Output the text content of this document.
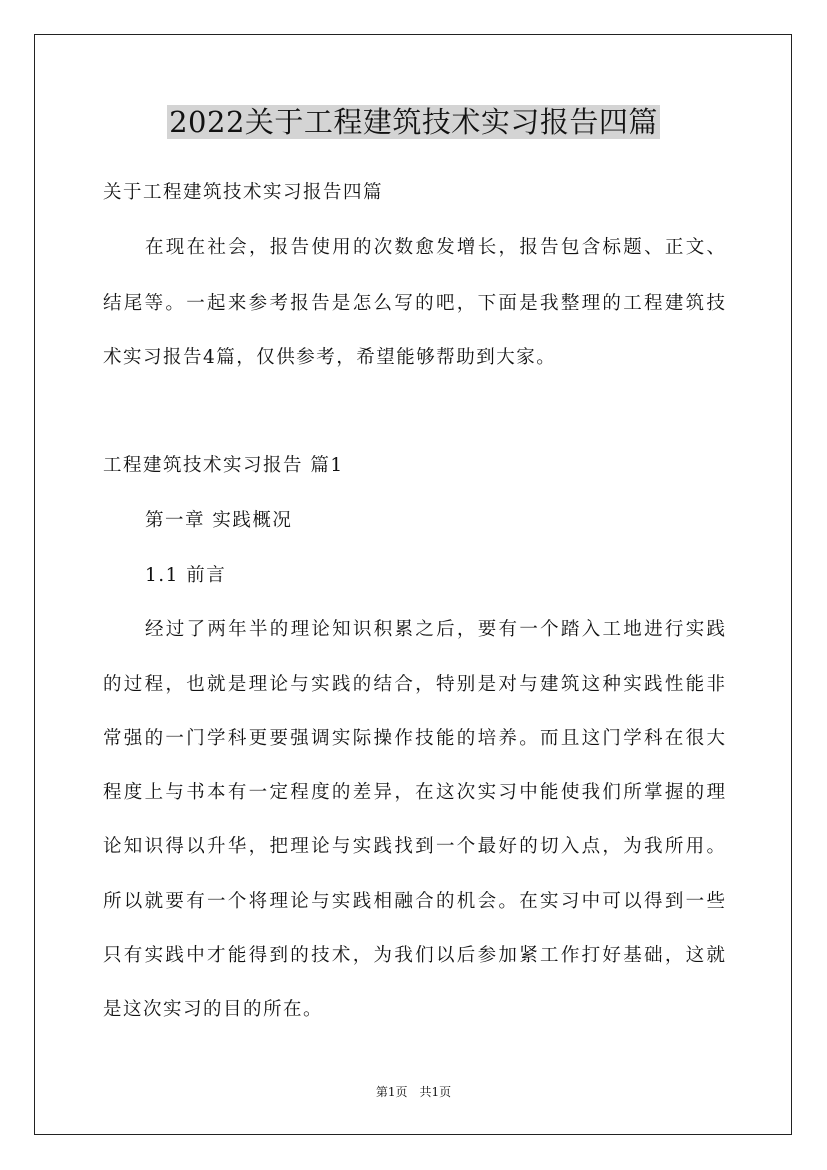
2022关于工程建筑技术实习报告四篇
关于工程建筑技术实习报告四篇
在现在社会，报告使用的次数愈发增长，报告包含标题、正文、
结尾等。一起来参考报告是怎么写的吧，下面是我整理的工程建筑技
术实习报告4篇，仅供参考，希望能够帮助到大家。
工程建筑技术实习报告 篇1
第一章 实践概况
1.1 前言
经过了两年半的理论知识积累之后，要有一个踏入工地进行实践
的过程，也就是理论与实践的结合，特别是对与建筑这种实践性能非
常强的一门学科更要强调实际操作技能的培养。而且这门学科在很大
程度上与书本有一定程度的差异，在这次实习中能使我们所掌握的理
论知识得以升华，把理论与实践找到一个最好的切入点，为我所用。
所以就要有一个将理论与实践相融合的机会。在实习中可以得到一些
只有实践中才能得到的技术，为我们以后参加紧工作打好基础，这就
是这次实习的目的所在。
第1页　共1页
